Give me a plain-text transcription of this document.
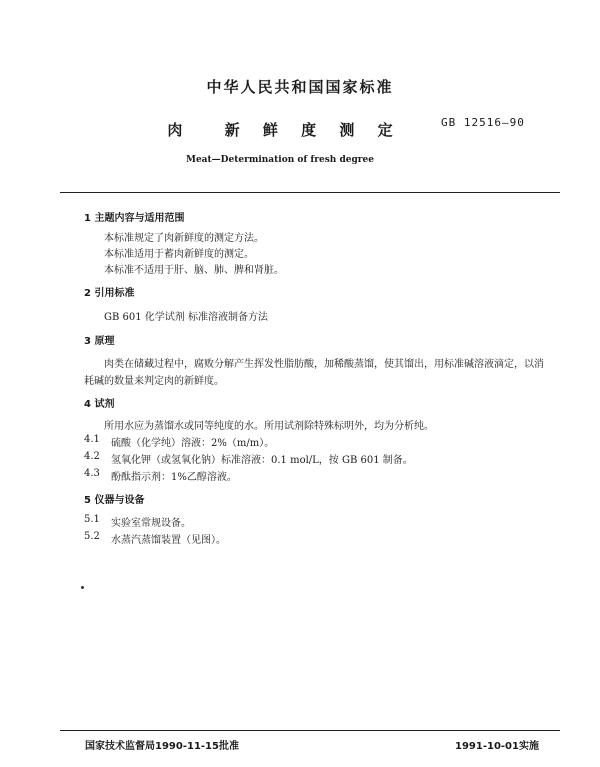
中华人民共和国国家标准
GB 12516—90
肉	新 鲜 度 测 定
Meat—Determination of fresh degree
1 主题内容与适用范围
本标准规定了肉新鲜度的测定方法。
本标准适用于蓄肉新鲜度的测定。
本标准不适用于肝、脑、肺、脾和肾脏。
2 引用标准
GB 601 化学试剂 标准溶液制备方法
3 原理
肉类在储藏过程中，腐败分解产生挥发性脂肪酸，加稀酸蒸馏，使其馏出，用标准碱溶液滴定，以消
耗碱的数量来判定肉的新鲜度。
4 试剂
所用水应为蒸馏水或同等纯度的水。所用试剂除特殊标明外，均为分析纯。
4.1 硫酸（化学纯）溶液：2%（m/m）。
4.2 氢氧化钾（或氢氧化钠）标准溶液：0.1 mol/L，按 GB 601 制备。
4.3 酚酞指示剂：1%乙醇溶液。
5 仪器与设备
5.1 实验室常规设备。
5.2 水蒸汽蒸馏装置（见图）。
国家技术监督局1990-11-15批准	1991-10-01实施
